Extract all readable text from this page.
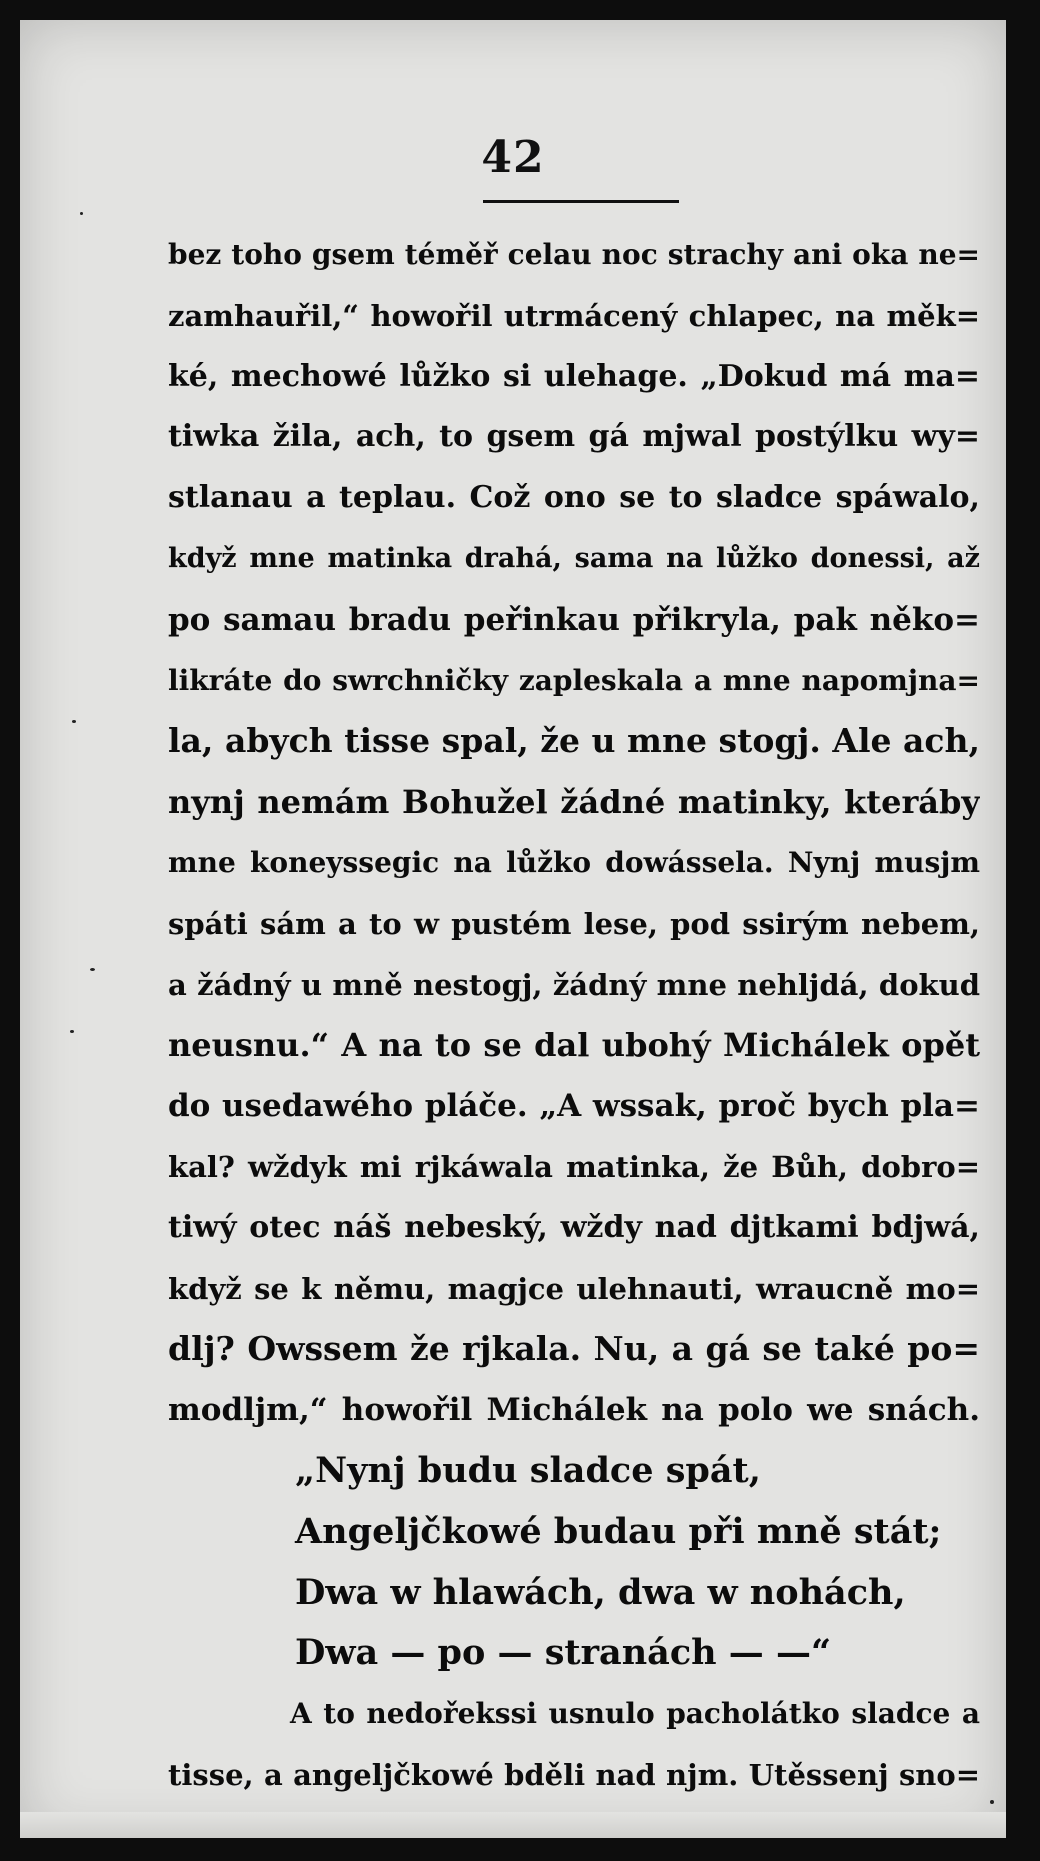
42
bez toho gsem téměř celau noc strachy ani oka ne=
zamhauřil,“ howořil utrmácený chlapec, na měk=
ké, mechowé lůžko si ulehage. „Dokud má ma=
tiwka žila, ach, to gsem gá mjwal postýlku wy=
stlanau a teplau. Což ono se to sladce spáwalo,
když mne matinka drahá, sama na lůžko donessi, až
po samau bradu peřinkau přikryla, pak něko=
likráte do swrchničky zapleskala a mne napomjna=
la, abych tisse spal, že u mne stogj. Ale ach,
nynj nemám Bohužel žádné matinky, kteráby
mne koneyssegic na lůžko dowássela. Nynj musjm
spáti sám a to w pustém lese, pod ssirým nebem,
a žádný u mně nestogj, žádný mne nehljdá, dokud
neusnu.“ A na to se dal ubohý Michálek opět
do usedawého pláče. „A wssak, proč bych pla=
kal? wždyk mi rjkáwala matinka, že Bůh, dobro=
tiwý otec náš nebeský, wždy nad djtkami bdjwá,
když se k němu, magjce ulehnauti, wraucně mo=
dlj? Owssem že rjkala. Nu, a gá se také po=
modljm,“ howořil Michálek na polo we snách.
„Nynj budu sladce spát,
Angeljčkowé budau při mně stát;
Dwa w hlawách, dwa w nohách,
Dwa — po — stranách — —“
A to nedořekssi usnulo pacholátko sladce a
tisse, a angeljčkowé bděli nad njm. Utěssenj sno=
